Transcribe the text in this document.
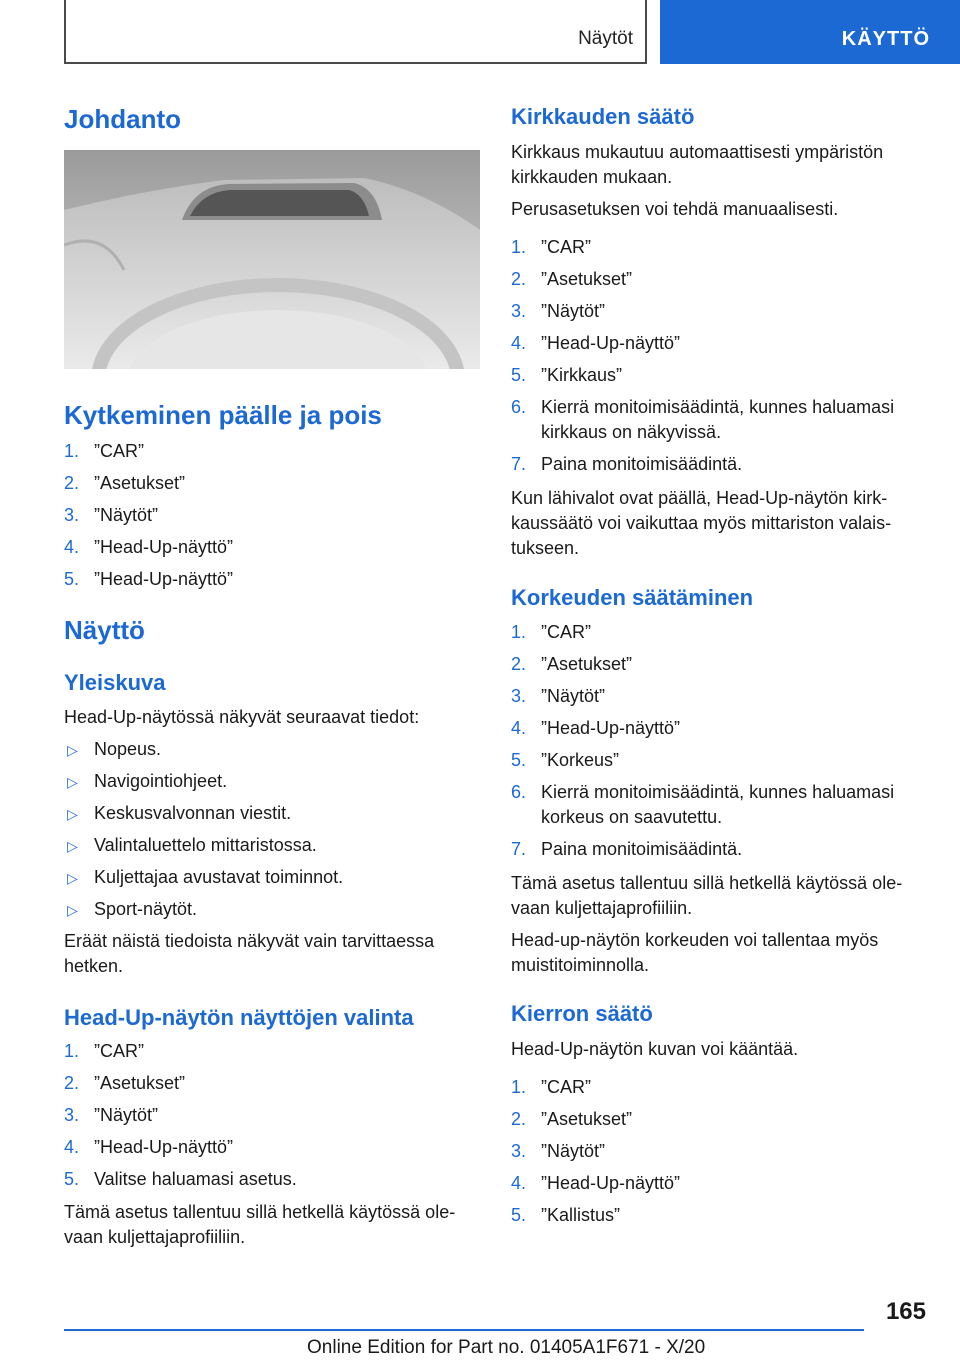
Näytöt	KÄYTTÖ
Johdanto
Kytkeminen päälle ja pois
1. ”CAR”
2. ”Asetukset”
3. ”Näytöt”
4. ”Head-Up-näyttö”
5. ”Head-Up-näyttö”
Näyttö
Yleiskuva
Head-Up-näytössä näkyvät seuraavat tiedot:
▷ Nopeus.
▷ Navigointiohjeet.
▷ Keskusvalvonnan viestit.
▷ Valintaluettelo mittaristossa.
▷ Kuljettajaa avustavat toiminnot.
▷ Sport-näytöt.
Eräät näistä tiedoista näkyvät vain tarvittaessa
hetken.
Head-Up-näytön näyttöjen valinta
1. ”CAR”
2. ”Asetukset”
3. ”Näytöt”
4. ”Head-Up-näyttö”
5. Valitse haluamasi asetus.
Tämä asetus tallentuu sillä hetkellä käytössä ole-
vaan kuljettajaprofiiliin.
Kirkkauden säätö
Kirkkaus mukautuu automaattisesti ympäristön
kirkkauden mukaan.
Perusasetuksen voi tehdä manuaalisesti.
1. ”CAR”
2. ”Asetukset”
3. ”Näytöt”
4. ”Head-Up-näyttö”
5. ”Kirkkaus”
6. Kierrä monitoimisäädintä, kunnes haluamasi
kirkkaus on näkyvissä.
7. Paina monitoimisäädintä.
Kun lähivalot ovat päällä, Head-Up-näytön kirk-
kaussäätö voi vaikuttaa myös mittariston valais-
tukseen.
Korkeuden säätäminen
1. ”CAR”
2. ”Asetukset”
3. ”Näytöt”
4. ”Head-Up-näyttö”
5. ”Korkeus”
6. Kierrä monitoimisäädintä, kunnes haluamasi
korkeus on saavutettu.
7. Paina monitoimisäädintä.
Tämä asetus tallentuu sillä hetkellä käytössä ole-
vaan kuljettajaprofiiliin.
Head-up-näytön korkeuden voi tallentaa myös
muistitoiminnolla.
Kierron säätö
Head-Up-näytön kuvan voi kääntää.
1. ”CAR”
2. ”Asetukset”
3. ”Näytöt”
4. ”Head-Up-näyttö”
5. ”Kallistus”
165
Online Edition for Part no. 01405A1F671 - X/20
